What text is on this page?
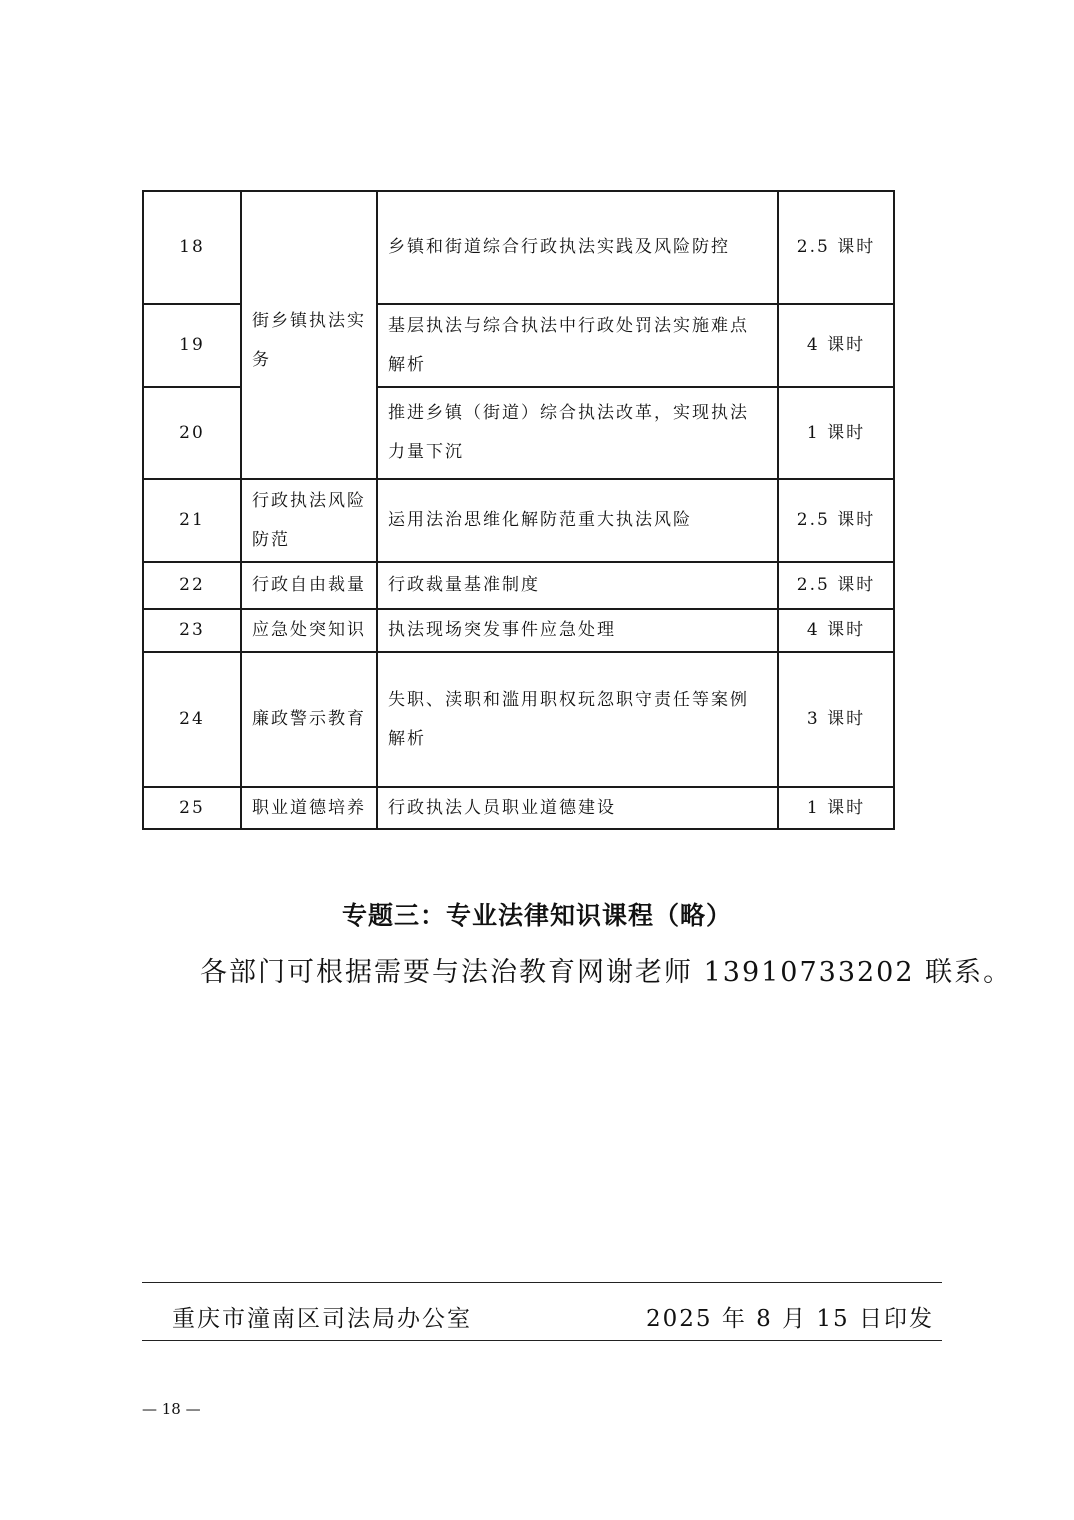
18	街乡镇执法实务	乡镇和街道综合行政执法实践及风险防控	2.5 课时
19		基层执法与综合执法中行政处罚法实施难点解析	4 课时
20		推进乡镇（街道）综合执法改革，实现执法力量下沉	1 课时
21	行政执法风险防范	运用法治思维化解防范重大执法风险	2.5 课时
22	行政自由裁量	行政裁量基准制度	2.5 课时
23	应急处突知识	执法现场突发事件应急处理	4 课时
24	廉政警示教育	失职、渎职和滥用职权玩忽职守责任等案例解析	3 课时
25	职业道德培养	行政执法人员职业道德建设	1 课时
专题三：专业法律知识课程（略）
各部门可根据需要与法治教育网谢老师 13910733202 联系。
重庆市潼南区司法局办公室	2025 年 8 月 15 日印发
— 18 —
